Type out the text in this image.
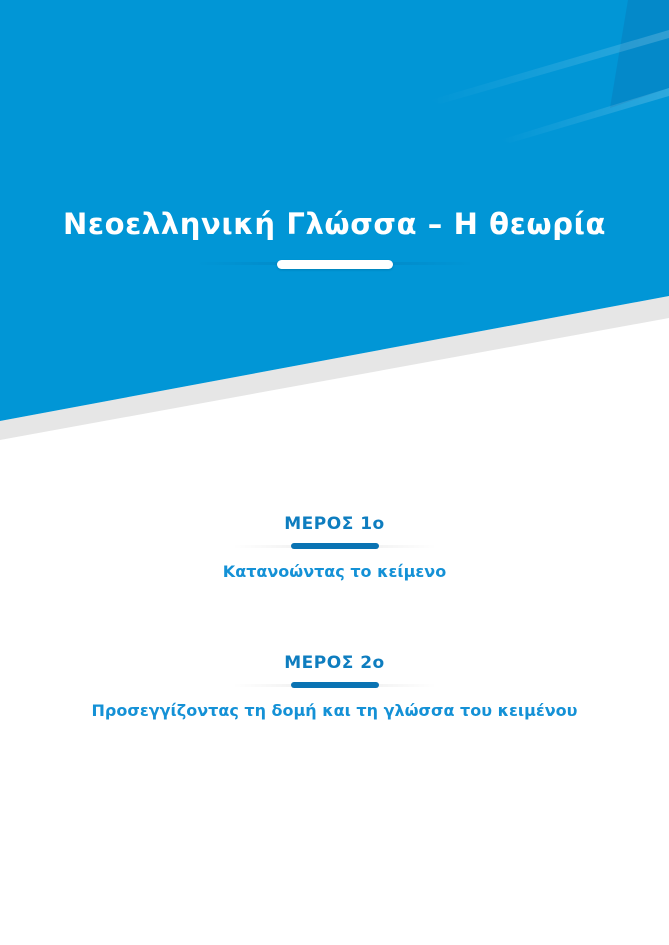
Νεοελληνική Γλώσσα – Η θεωρία
ΜΕΡΟΣ 1ο
Κατανοώντας το κείμενο
ΜΕΡΟΣ 2ο
Προσεγγίζοντας τη δομή και τη γλώσσα του κειμένου
